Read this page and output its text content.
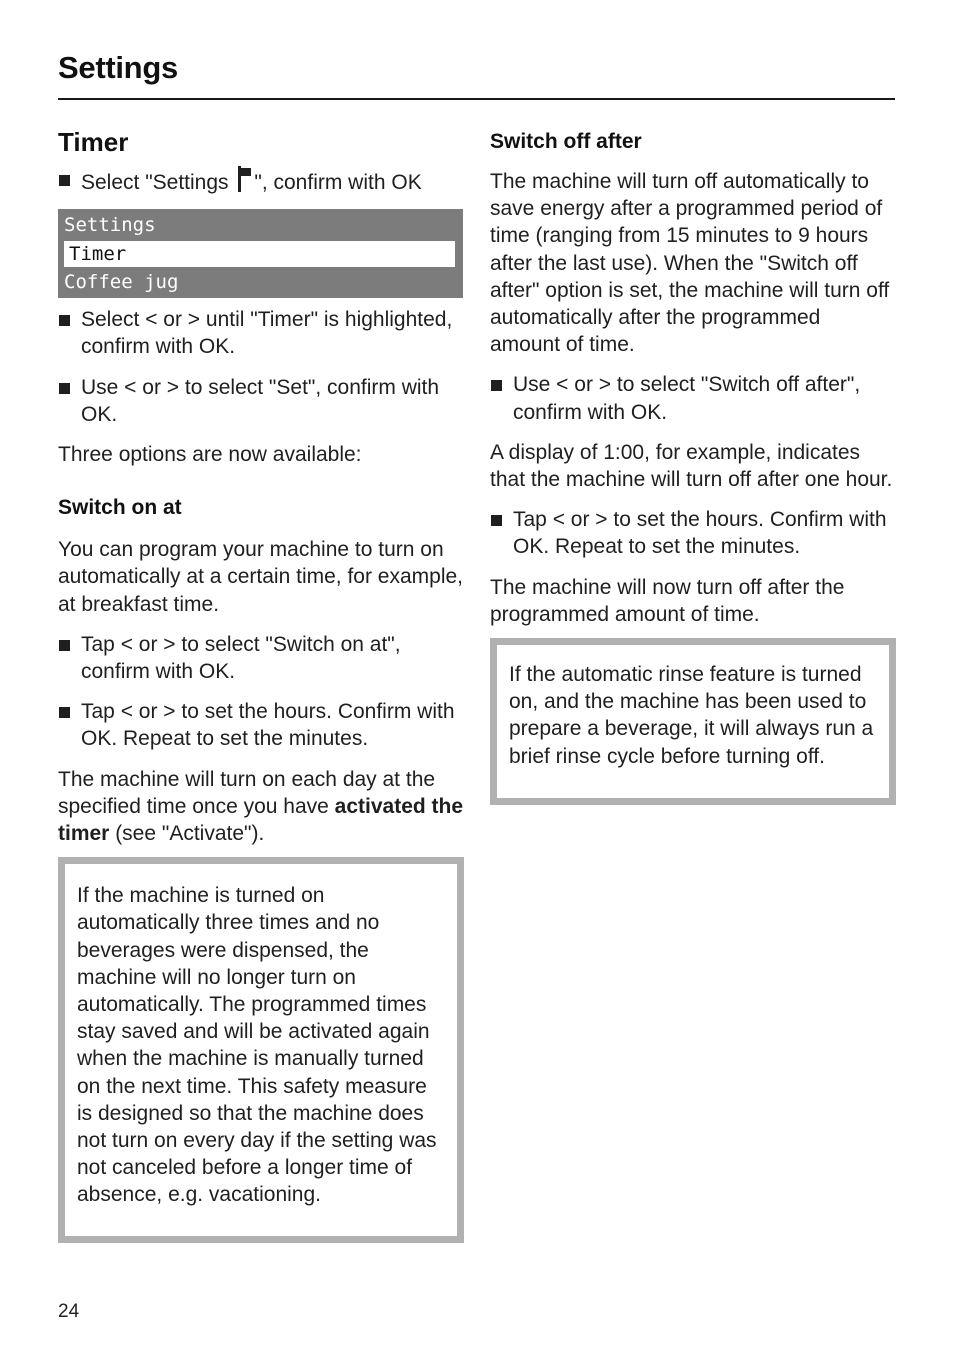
Settings
Timer
Select "Settings
", confirm with OK
Settings
Timer
Coffee jug
Select < or > until "Timer" is highlighted, confirm with OK.
Use < or > to select "Set", confirm with OK.

Three options are now available:

Switch on at

You can program your machine to turn on automatically at a certain time, for example, at breakfast time.

Tap < or > to select "Switch on at", confirm with OK.
Tap < or > to set the hours. Confirm with OK. Repeat to set the minutes.

The machine will turn on each day at the specified time once you have activated the timer (see "Activate").

If the machine is turned on automatically three times and no beverages were dispensed, the machine will no longer turn on automatically. The programmed times stay saved and will be activated again when the machine is manually turned on the next time. This safety measure is designed so that the machine does not turn on every day if the setting was not canceled before a longer time of absence, e.g. vacationing.

Switch off after

The machine will turn off automatically to save energy after a programmed period of time (ranging from 15 minutes to 9 hours after the last use). When the "Switch off after" option is set, the machine will turn off automatically after the programmed amount of time.

Use < or > to select "Switch off after", confirm with OK.

A display of 1:00, for example, indicates that the machine will turn off after one hour.

Tap < or > to set the hours. Confirm with OK. Repeat to set the minutes.

The machine will now turn off after the programmed amount of time.

If the automatic rinse feature is turned on, and the machine has been used to prepare a beverage, it will always run a brief rinse cycle before turning off.

24
